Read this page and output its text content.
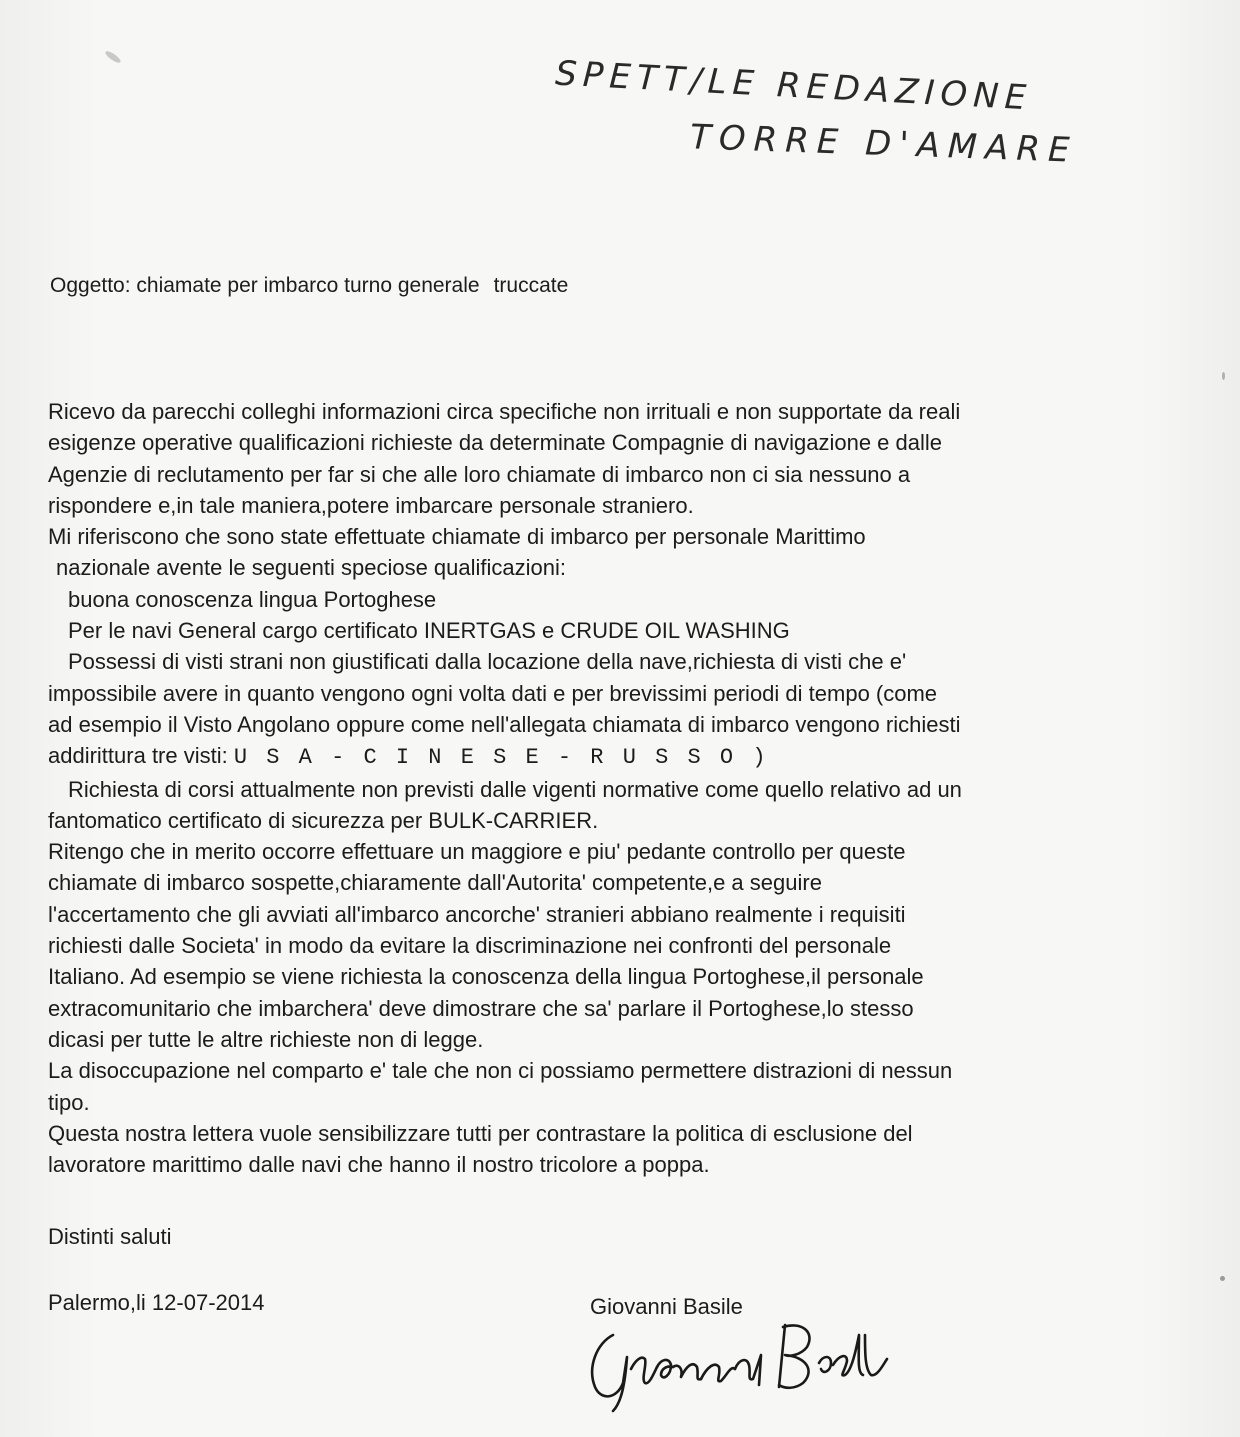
SPETT/LE REDAZIONE
TORRE D'AMARE
Oggetto: chiamate per imbarco turno generale truccate
Ricevo da parecchi colleghi informazioni circa specifiche non irrituali e non supportate da reali
esigenze operative qualificazioni richieste da determinate Compagnie di navigazione e dalle
Agenzie di reclutamento per far si che alle loro chiamate di imbarco non ci sia nessuno a
rispondere e,in tale maniera,potere imbarcare personale straniero.
Mi riferiscono che sono state effettuate chiamate di imbarco per personale Marittimo
nazionale avente le seguenti speciose qualificazioni:
buona conoscenza lingua Portoghese
Per le navi General cargo certificato INERTGAS e CRUDE OIL WASHING
Possessi di visti strani non giustificati dalla locazione della nave,richiesta di visti che e'
impossibile avere in quanto vengono ogni volta dati e per brevissimi periodi di tempo (come
ad esempio il Visto Angolano oppure come nell'allegata chiamata di imbarco vengono richiesti
addirittura tre visti: U S A - C I N E S E - R U S S O )
Richiesta di corsi attualmente non previsti dalle vigenti normative come quello relativo ad un
fantomatico certificato di sicurezza per BULK-CARRIER.
Ritengo che in merito occorre effettuare un maggiore e piu' pedante controllo per queste
chiamate di imbarco sospette,chiaramente dall'Autorita' competente,e a seguire
l'accertamento che gli avviati all'imbarco ancorche' stranieri abbiano realmente i requisiti
richiesti dalle Societa' in modo da evitare la discriminazione nei confronti del personale
Italiano. Ad esempio se viene richiesta la conoscenza della lingua Portoghese,il personale
extracomunitario che imbarchera' deve dimostrare che sa' parlare il Portoghese,lo stesso
dicasi per tutte le altre richieste non di legge.
La disoccupazione nel comparto e' tale che non ci possiamo permettere distrazioni di nessun
tipo.
Questa nostra lettera vuole sensibilizzare tutti per contrastare la politica di esclusione del
lavoratore marittimo dalle navi che hanno il nostro tricolore a poppa.
Distinti saluti
Palermo,li 12-07-2014	Giovanni Basile
